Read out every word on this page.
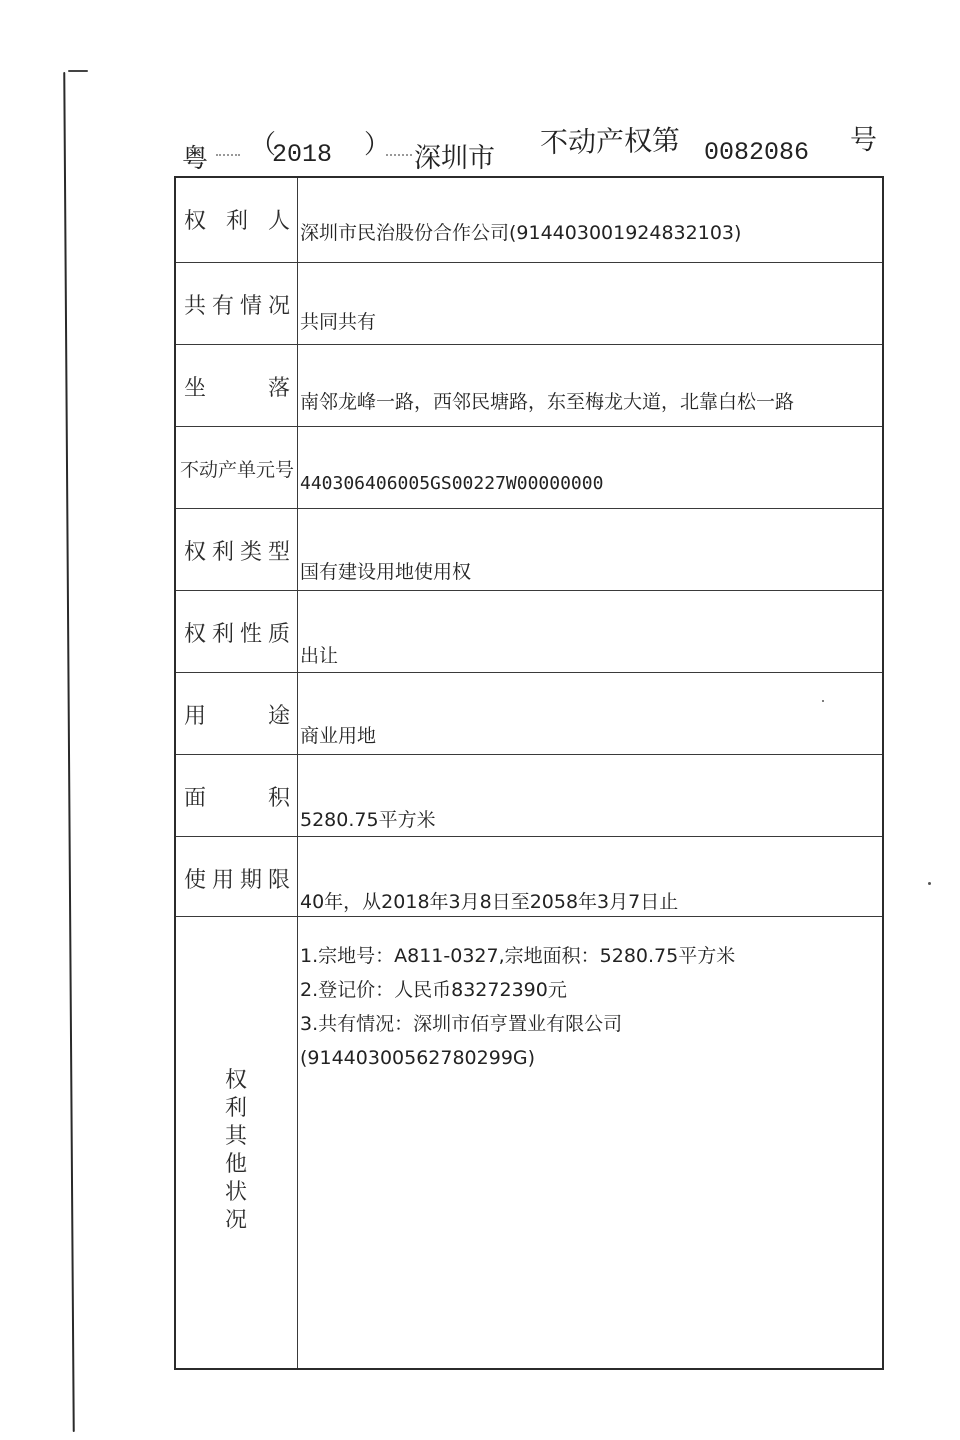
粤 （
2018 ） 深圳市 不动产权第 0082086 号
权 利 人 深圳市民治股份合作公司(914403001924832103)
共有情况
共同共有
坐　　落
南邻龙峰一路，西邻民塘路，东至梅龙大道，北靠白松一路
不动产单元号
440306406005GS00227W00000000
权利类型
国有建设用地使用权
权利性质
出让
用　　途
商业用地
面　　积
5280.75平方米
使用期限
40年，从2018年3月8日至2058年3月7日止
权利其他状况
1.宗地号：A811-0327,宗地面积：5280.75平方米
2.登记价：人民币83272390元
3.共有情况：深圳市佰亨置业有限公司
(91440300562780299G)
